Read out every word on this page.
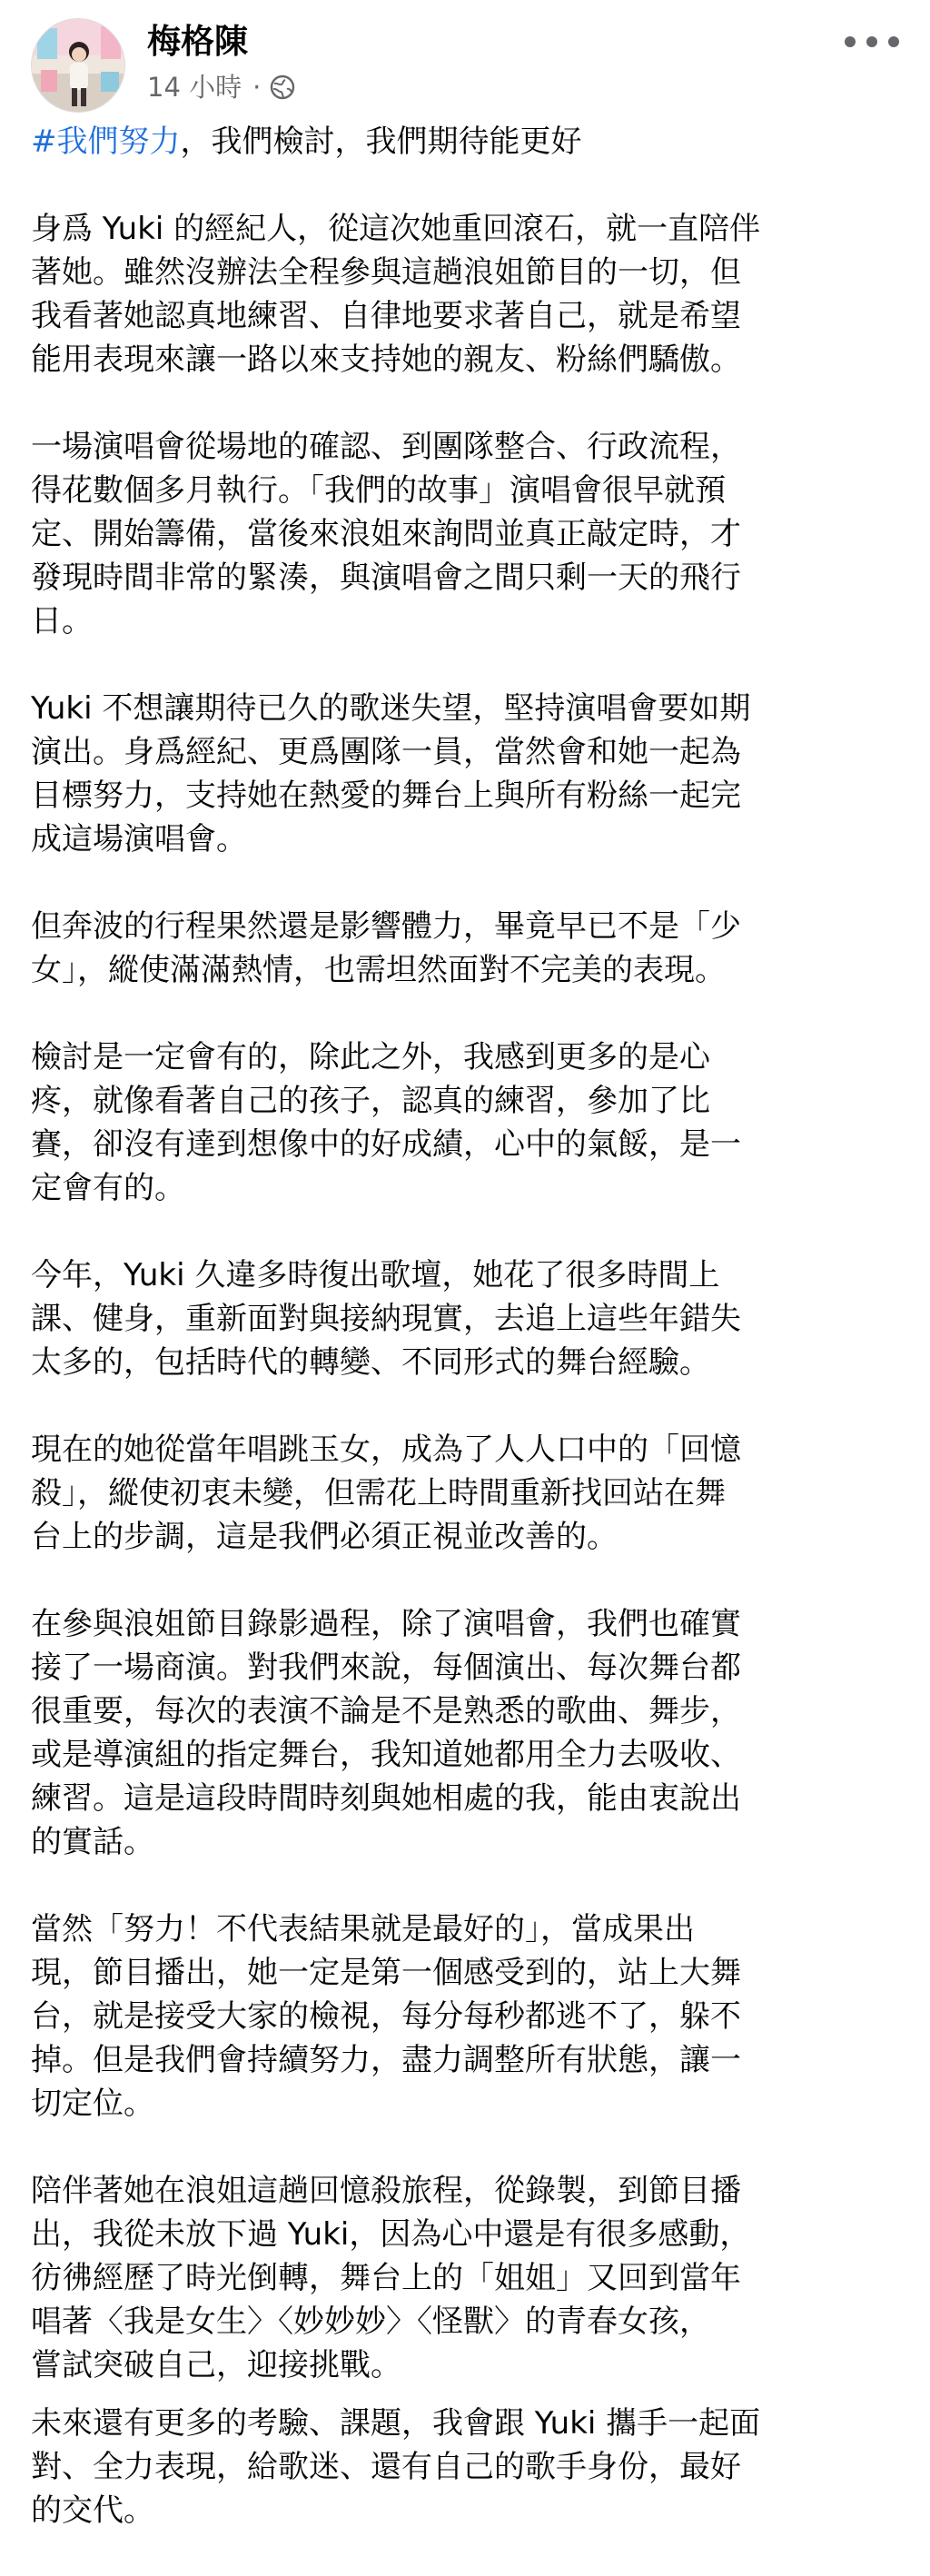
梅格陳
14 小時 ·

#我們努力，我們檢討，我們期待能更好

身爲 Yuki 的經紀人，從這次她重回滾石，就一直陪伴
著她。雖然沒辦法全程參與這趟浪姐節目的一切，但
我看著她認真地練習、自律地要求著自己，就是希望
能用表現來讓一路以來支持她的親友、粉絲們驕傲。

一場演唱會從場地的確認、到團隊整合、行政流程，
得花數個多月執行。「我們的故事」演唱會很早就預
定、開始籌備，當後來浪姐來詢問並真正敲定時，才
發現時間非常的緊湊，與演唱會之間只剩一天的飛行
日。

Yuki 不想讓期待已久的歌迷失望，堅持演唱會要如期
演出。身爲經紀、更爲團隊一員，當然會和她一起為
目標努力，支持她在熱愛的舞台上與所有粉絲一起完
成這場演唱會。

但奔波的行程果然還是影響體力，畢竟早已不是「少
女」，縱使滿滿熱情，也需坦然面對不完美的表現。

檢討是一定會有的，除此之外，我感到更多的是心
疼，就像看著自己的孩子，認真的練習，參加了比
賽，卻沒有達到想像中的好成績，心中的氣餒，是一
定會有的。

今年，Yuki 久違多時復出歌壇，她花了很多時間上
課、健身，重新面對與接納現實，去追上這些年錯失
太多的，包括時代的轉變、不同形式的舞台經驗。

現在的她從當年唱跳玉女，成為了人人口中的「回憶
殺」，縱使初衷未變，但需花上時間重新找回站在舞
台上的步調，這是我們必須正視並改善的。

在參與浪姐節目錄影過程，除了演唱會，我們也確實
接了一場商演。對我們來說，每個演出、每次舞台都
很重要，每次的表演不論是不是熟悉的歌曲、舞步，
或是導演組的指定舞台，我知道她都用全力去吸收、
練習。這是這段時間時刻與她相處的我，能由衷說出
的實話。

當然「努力！不代表結果就是最好的」，當成果出
現，節目播出，她一定是第一個感受到的，站上大舞
台，就是接受大家的檢視，每分每秒都逃不了，躲不
掉。但是我們會持續努力，盡力調整所有狀態，讓一
切定位。

陪伴著她在浪姐這趟回憶殺旅程，從錄製，到節目播
出，我從未放下過 Yuki，因為心中還是有很多感動，
彷彿經歷了時光倒轉，舞台上的「姐姐」又回到當年
唱著〈我是女生〉〈妙妙妙〉〈怪獸〉的青春女孩，
嘗試突破自己，迎接挑戰。

未來還有更多的考驗、課題，我會跟 Yuki 攜手一起面
對、全力表現，給歌迷、還有自己的歌手身份，最好
的交代。
